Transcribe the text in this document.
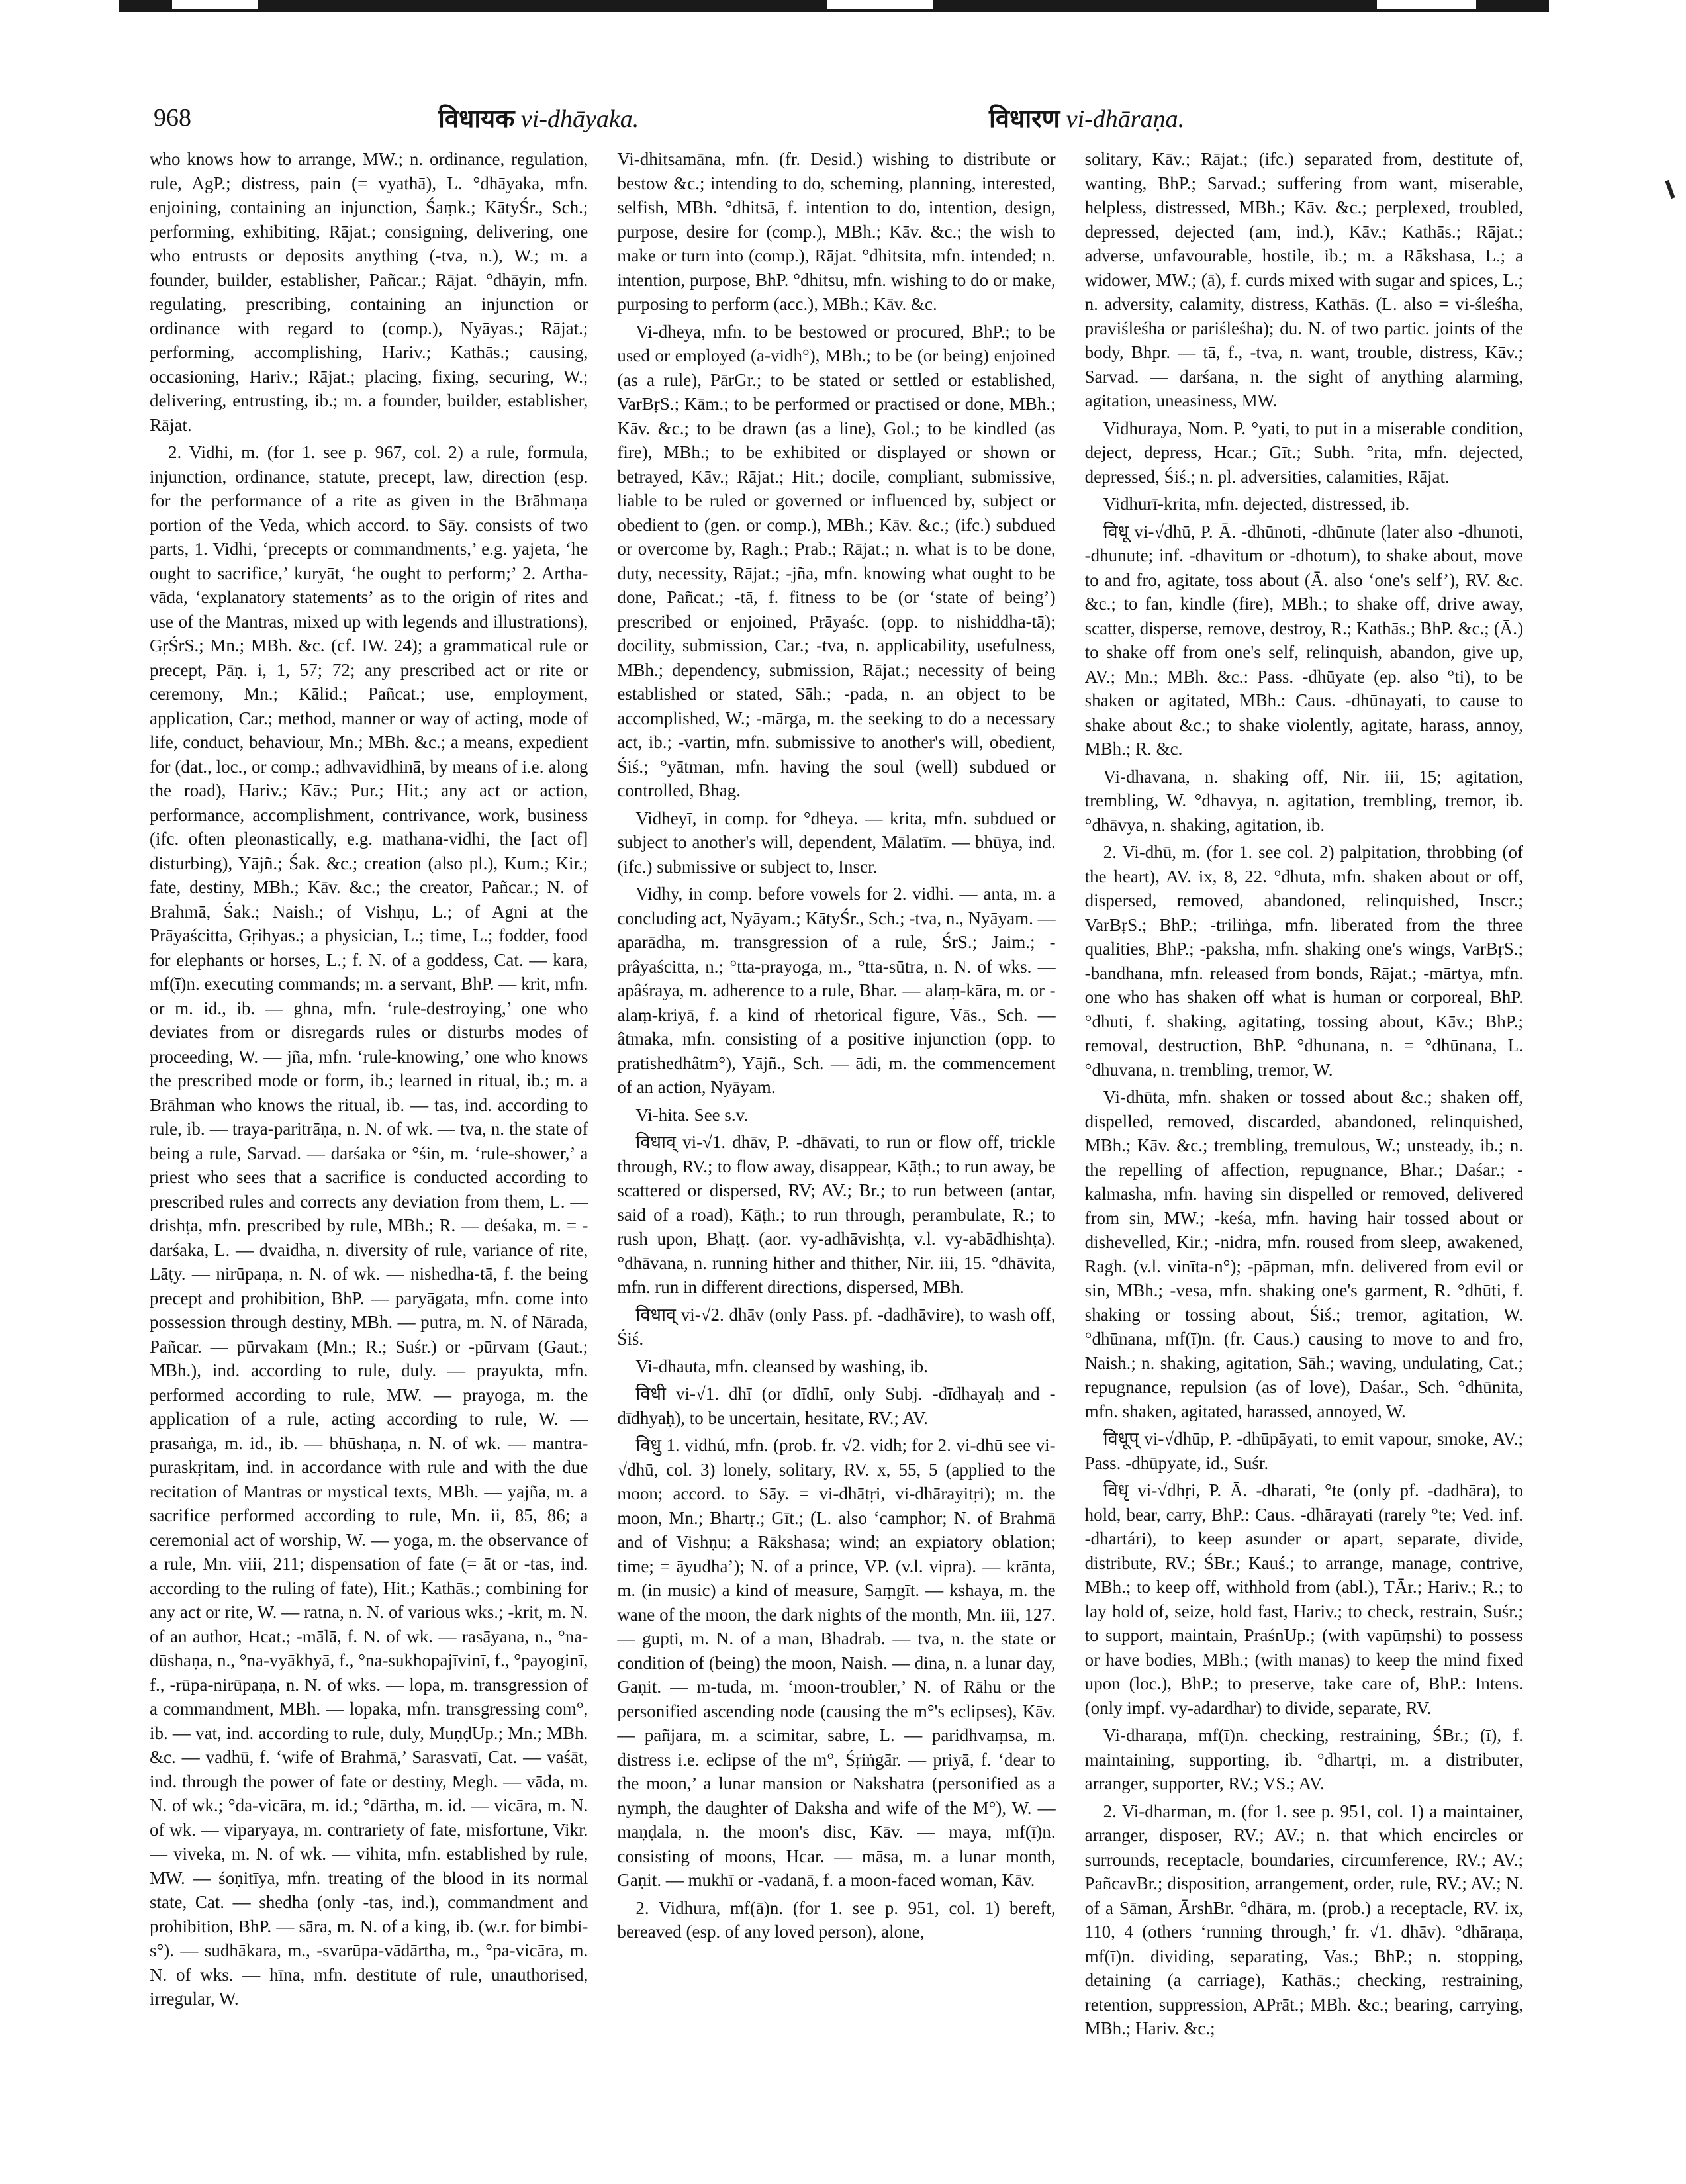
968	विधायक vi-dhāyaka.	विधारण vi-dhāraṇa.

who knows how to arrange, MW.; n. ordinance, regulation, rule, AgP.; distress, pain (= vyathā), L. °dhāyaka, mfn. enjoining, containing an injunction, Śaṃk.; KātyŚr., Sch.; performing, exhibiting, Rājat.; consigning, delivering, one who entrusts or deposits anything (-tva, n.), W.; m. a founder, builder, establisher, Pañcar.; Rājat. °dhāyin, mfn. regulating, prescribing, containing an injunction or ordinance with regard to (comp.), Nyāyas.; Rājat.; performing, accomplishing, Hariv.; Kathās.; causing, occasioning, Hariv.; Rājat.; placing, fixing, securing, W.; delivering, entrusting, ib.; m. a founder, builder, establisher, Rājat.

2. Vidhi, m. (for 1. see p. 967, col. 2) a rule, formula, injunction, ordinance, statute, precept, law, direction (esp. for the performance of a rite as given in the Brāhmaṇa portion of the Veda, which accord. to Sāy. consists of two parts, 1. Vidhi, ‘precepts or commandments,’ e.g. yajeta, ‘he ought to sacrifice,’ kuryāt, ‘he ought to perform;’ 2. Artha-vāda, ‘explanatory statements’ as to the origin of rites and use of the Mantras, mixed up with legends and illustrations), GṛŚrS.; Mn.; MBh. &c. (cf. IW. 24); a grammatical rule or precept, Pāṇ. i, 1, 57; 72; any prescribed act or rite or ceremony, Mn.; Kālid.; Pañcat.; use, employment, application, Car.; method, manner or way of acting, mode of life, conduct, behaviour, Mn.; MBh. &c.; a means, expedient for (dat., loc., or comp.; adhvavidhinā, by means of i.e. along the road), Hariv.; Kāv.; Pur.; Hit.; any act or action, performance, accomplishment, contrivance, work, business (ifc. often pleonastically, e.g. mathana-vidhi, the [act of] disturbing), Yājñ.; Śak. &c.; creation (also pl.), Kum.; Kir.; fate, destiny, MBh.; Kāv. &c.; the creator, Pañcar.; N. of Brahmā, Śak.; Naish.; of Vishṇu, L.; of Agni at the Prāyaścitta, Gṛihyas.; a physician, L.; time, L.; fodder, food for elephants or horses, L.; f. N. of a goddess, Cat. — kara, mf(ī)n. executing commands; m. a servant, BhP. — krit, mfn. or m. id., ib. — ghna, mfn. ‘rule-destroying,’ one who deviates from or disregards rules or disturbs modes of proceeding, W. — jña, mfn. ‘rule-knowing,’ one who knows the prescribed mode or form, ib.; learned in ritual, ib.; m. a Brāhman who knows the ritual, ib. — tas, ind. according to rule, ib. — traya-paritrāṇa, n. N. of wk. — tva, n. the state of being a rule, Sarvad. — darśaka or °śin, m. ‘rule-shower,’ a priest who sees that a sacrifice is conducted according to prescribed rules and corrects any deviation from them, L. — drishṭa, mfn. prescribed by rule, MBh.; R. — deśaka, m. = -darśaka, L. — dvaidha, n. diversity of rule, variance of rite, Lāṭy. — nirūpaṇa, n. N. of wk. — nishedha-tā, f. the being precept and prohibition, BhP. — paryāgata, mfn. come into possession through destiny, MBh. — putra, m. N. of Nārada, Pañcar. — pūrvakam (Mn.; R.; Suśr.) or -pūrvam (Gaut.; MBh.), ind. according to rule, duly. — prayukta, mfn. performed according to rule, MW. — prayoga, m. the application of a rule, acting according to rule, W. — prasaṅga, m. id., ib. — bhūshaṇa, n. N. of wk. — mantra-puraskṛitam, ind. in accordance with rule and with the due recitation of Mantras or mystical texts, MBh. — yajña, m. a sacrifice performed according to rule, Mn. ii, 85, 86; a ceremonial act of worship, W. — yoga, m. the observance of a rule, Mn. viii, 211; dispensation of fate (= āt or -tas, ind. according to the ruling of fate), Hit.; Kathās.; combining for any act or rite, W. — ratna, n. N. of various wks.; -krit, m. N. of an author, Hcat.; -mālā, f. N. of wk. — rasāyana, n., °na-dūshaṇa, n., °na-vyākhyā, f., °na-sukhopajīvinī, f., °payoginī, f., -rūpa-nirūpaṇa, n. N. of wks. — lopa, m. transgression of a commandment, MBh. — lopaka, mfn. transgressing com°, ib. — vat, ind. according to rule, duly, MuṇḍUp.; Mn.; MBh. &c. — vadhū, f. ‘wife of Brahmā,’ Sarasvatī, Cat. — vaśāt, ind. through the power of fate or destiny, Megh. — vāda, m. N. of wk.; °da-vicāra, m. id.; °dārtha, m. id. — vicāra, m. N. of wk. — viparyaya, m. contrariety of fate, misfortune, Vikr. — viveka, m. N. of wk. — vihita, mfn. established by rule, MW. — śoṇitīya, mfn. treating of the blood in its normal state, Cat. — shedha (only -tas, ind.), commandment and prohibition, BhP. — sāra, m. N. of a king, ib. (w.r. for bimbi-s°). — sudhākara, m., -svarūpa-vādārtha, m., °pa-vicāra, m. N. of wks. — hīna, mfn. destitute of rule, unauthorised, irregular, W.

Vi-dhitsamāna, mfn. (fr. Desid.) wishing to distribute or bestow &c.; intending to do, scheming, planning, interested, selfish, MBh. °dhitsā, f. intention to do, intention, design, purpose, desire for (comp.), MBh.; Kāv. &c.; the wish to make or turn into (comp.), Rājat. °dhitsita, mfn. intended; n. intention, purpose, BhP. °dhitsu, mfn. wishing to do or make, purposing to perform (acc.), MBh.; Kāv. &c.

Vi-dheya, mfn. to be bestowed or procured, BhP.; to be used or employed (a-vidh°), MBh.; to be (or being) enjoined (as a rule), PārGr.; to be stated or settled or established, VarBṛS.; Kām.; to be performed or practised or done, MBh.; Kāv. &c.; to be drawn (as a line), Gol.; to be kindled (as fire), MBh.; to be exhibited or displayed or shown or betrayed, Kāv.; Rājat.; Hit.; docile, compliant, submissive, liable to be ruled or governed or influenced by, subject or obedient to (gen. or comp.), MBh.; Kāv. &c.; (ifc.) subdued or overcome by, Ragh.; Prab.; Rājat.; n. what is to be done, duty, necessity, Rājat.; -jña, mfn. knowing what ought to be done, Pañcat.; -tā, f. fitness to be (or ‘state of being’) prescribed or enjoined, Prāyaśc. (opp. to nishiddha-tā); docility, submission, Car.; -tva, n. applicability, usefulness, MBh.; dependency, submission, Rājat.; necessity of being established or stated, Sāh.; -pada, n. an object to be accomplished, W.; -mārga, m. the seeking to do a necessary act, ib.; -vartin, mfn. submissive to another's will, obedient, Śiś.; °yātman, mfn. having the soul (well) subdued or controlled, Bhag.

Vidheyī, in comp. for °dheya. — krita, mfn. subdued or subject to another's will, dependent, Mālatīm. — bhūya, ind. (ifc.) submissive or subject to, Inscr.

Vidhy, in comp. before vowels for 2. vidhi. — anta, m. a concluding act, Nyāyam.; KātyŚr., Sch.; -tva, n., Nyāyam. — aparādha, m. transgression of a rule, ŚrS.; Jaim.; -prâyaścitta, n.; °tta-prayoga, m., °tta-sūtra, n. N. of wks. — apâśraya, m. adherence to a rule, Bhar. — alaṃ-kāra, m. or -alaṃ-kriyā, f. a kind of rhetorical figure, Vās., Sch. — âtmaka, mfn. consisting of a positive injunction (opp. to pratishedhâtm°), Yājñ., Sch. — ādi, m. the commencement of an action, Nyāyam.

Vi-hita. See s.v.

विधाव् vi-√1. dhāv, P. -dhāvati, to run or flow off, trickle through, RV.; to flow away, disappear, Kāṭh.; to run away, be scattered or dispersed, RV; AV.; Br.; to run between (antar, said of a road), Kāṭh.; to run through, perambulate, R.; to rush upon, Bhaṭṭ. (aor. vy-adhāvishṭa, v.l. vy-abādhishṭa). °dhāvana, n. running hither and thither, Nir. iii, 15. °dhāvita, mfn. run in different directions, dispersed, MBh.

विधाव् vi-√2. dhāv (only Pass. pf. -dadhāvire), to wash off, Śiś.

Vi-dhauta, mfn. cleansed by washing, ib.

विधी vi-√1. dhī (or dīdhī, only Subj. -dīdhayaḥ and -dīdhyaḥ), to be uncertain, hesitate, RV.; AV.

विधु 1. vidhú, mfn. (prob. fr. √2. vidh; for 2. vi-dhū see vi-√dhū, col. 3) lonely, solitary, RV. x, 55, 5 (applied to the moon; accord. to Sāy. = vi-dhātṛi, vi-dhārayitṛi); m. the moon, Mn.; Bhartṛ.; Gīt.; (L. also ‘camphor; N. of Brahmā and of Vishṇu; a Rākshasa; wind; an expiatory oblation; time; = āyudha’); N. of a prince, VP. (v.l. vipra). — krānta, m. (in music) a kind of measure, Saṃgīt. — kshaya, m. the wane of the moon, the dark nights of the month, Mn. iii, 127. — gupti, m. N. of a man, Bhadrab. — tva, n. the state or condition of (being) the moon, Naish. — dina, n. a lunar day, Gaṇit. — m-tuda, m. ‘moon-troubler,’ N. of Rāhu or the personified ascending node (causing the m°'s eclipses), Kāv. — pañjara, m. a scimitar, sabre, L. — paridhvaṃsa, m. distress i.e. eclipse of the m°, Śṛiṅgār. — priyā, f. ‘dear to the moon,’ a lunar mansion or Nakshatra (personified as a nymph, the daughter of Daksha and wife of the M°), W. — maṇḍala, n. the moon's disc, Kāv. — maya, mf(ī)n. consisting of moons, Hcar. — māsa, m. a lunar month, Gaṇit. — mukhī or -vadanā, f. a moon-faced woman, Kāv.

2. Vidhura, mf(ā)n. (for 1. see p. 951, col. 1) bereft, bereaved (esp. of any loved person), alone,

solitary, Kāv.; Rājat.; (ifc.) separated from, destitute of, wanting, BhP.; Sarvad.; suffering from want, miserable, helpless, distressed, MBh.; Kāv. &c.; perplexed, troubled, depressed, dejected (am, ind.), Kāv.; Kathās.; Rājat.; adverse, unfavourable, hostile, ib.; m. a Rākshasa, L.; a widower, MW.; (ā), f. curds mixed with sugar and spices, L.; n. adversity, calamity, distress, Kathās. (L. also = vi-śleśha, praviśleśha or pariśleśha); du. N. of two partic. joints of the body, Bhpr. — tā, f., -tva, n. want, trouble, distress, Kāv.; Sarvad. — darśana, n. the sight of anything alarming, agitation, uneasiness, MW.

Vidhuraya, Nom. P. °yati, to put in a miserable condition, deject, depress, Hcar.; Gīt.; Subh. °rita, mfn. dejected, depressed, Śiś.; n. pl. adversities, calamities, Rājat.

Vidhurī-krita, mfn. dejected, distressed, ib.

विधू vi-√dhū, P. Ā. -dhūnoti, -dhūnute (later also -dhunoti, -dhunute; inf. -dhavitum or -dhotum), to shake about, move to and fro, agitate, toss about (Ā. also ‘one's self’), RV. &c. &c.; to fan, kindle (fire), MBh.; to shake off, drive away, scatter, disperse, remove, destroy, R.; Kathās.; BhP. &c.; (Ā.) to shake off from one's self, relinquish, abandon, give up, AV.; Mn.; MBh. &c.: Pass. -dhūyate (ep. also °ti), to be shaken or agitated, MBh.: Caus. -dhūnayati, to cause to shake about &c.; to shake violently, agitate, harass, annoy, MBh.; R. &c.

Vi-dhavana, n. shaking off, Nir. iii, 15; agitation, trembling, W. °dhavya, n. agitation, trembling, tremor, ib. °dhāvya, n. shaking, agitation, ib.

2. Vi-dhū, m. (for 1. see col. 2) palpitation, throbbing (of the heart), AV. ix, 8, 22. °dhuta, mfn. shaken about or off, dispersed, removed, abandoned, relinquished, Inscr.; VarBṛS.; BhP.; -triliṅga, mfn. liberated from the three qualities, BhP.; -paksha, mfn. shaking one's wings, VarBṛS.; -bandhana, mfn. released from bonds, Rājat.; -mārtya, mfn. one who has shaken off what is human or corporeal, BhP. °dhuti, f. shaking, agitating, tossing about, Kāv.; BhP.; removal, destruction, BhP. °dhunana, n. = °dhūnana, L. °dhuvana, n. trembling, tremor, W.

Vi-dhūta, mfn. shaken or tossed about &c.; shaken off, dispelled, removed, discarded, abandoned, relinquished, MBh.; Kāv. &c.; trembling, tremulous, W.; unsteady, ib.; n. the repelling of affection, repugnance, Bhar.; Daśar.; -kalmasha, mfn. having sin dispelled or removed, delivered from sin, MW.; -keśa, mfn. having hair tossed about or dishevelled, Kir.; -nidra, mfn. roused from sleep, awakened, Ragh. (v.l. vinīta-n°); -pāpman, mfn. delivered from evil or sin, MBh.; -vesa, mfn. shaking one's garment, R. °dhūti, f. shaking or tossing about, Śiś.; tremor, agitation, W. °dhūnana, mf(ī)n. (fr. Caus.) causing to move to and fro, Naish.; n. shaking, agitation, Sāh.; waving, undulating, Cat.; repugnance, repulsion (as of love), Daśar., Sch. °dhūnita, mfn. shaken, agitated, harassed, annoyed, W.

विधूप् vi-√dhūp, P. -dhūpāyati, to emit vapour, smoke, AV.; Pass. -dhūpyate, id., Suśr.

विधृ vi-√dhṛi, P. Ā. -dharati, °te (only pf. -dadhāra), to hold, bear, carry, BhP.: Caus. -dhārayati (rarely °te; Ved. inf. -dhartári), to keep asunder or apart, separate, divide, distribute, RV.; ŚBr.; Kauś.; to arrange, manage, contrive, MBh.; to keep off, withhold from (abl.), TĀr.; Hariv.; R.; to lay hold of, seize, hold fast, Hariv.; to check, restrain, Suśr.; to support, maintain, PraśnUp.; (with vapūṃshi) to possess or have bodies, MBh.; (with manas) to keep the mind fixed upon (loc.), BhP.; to preserve, take care of, BhP.: Intens. (only impf. vy-adardhar) to divide, separate, RV.

Vi-dharaṇa, mf(ī)n. checking, restraining, ŚBr.; (ī), f. maintaining, supporting, ib. °dhartṛi, m. a distributer, arranger, supporter, RV.; VS.; AV.

2. Vi-dharman, m. (for 1. see p. 951, col. 1) a maintainer, arranger, disposer, RV.; AV.; n. that which encircles or surrounds, receptacle, boundaries, circumference, RV.; AV.; PañcavBr.; disposition, arrangement, order, rule, RV.; AV.; N. of a Sāman, ĀrshBr. °dhāra, m. (prob.) a receptacle, RV. ix, 110, 4 (others ‘running through,’ fr. √1. dhāv). °dhāraṇa, mf(ī)n. dividing, separating, Vas.; BhP.; n. stopping, detaining (a carriage), Kathās.; checking, restraining, retention, suppression, APrāt.; MBh. &c.; bearing, carrying, MBh.; Hariv. &c.;
